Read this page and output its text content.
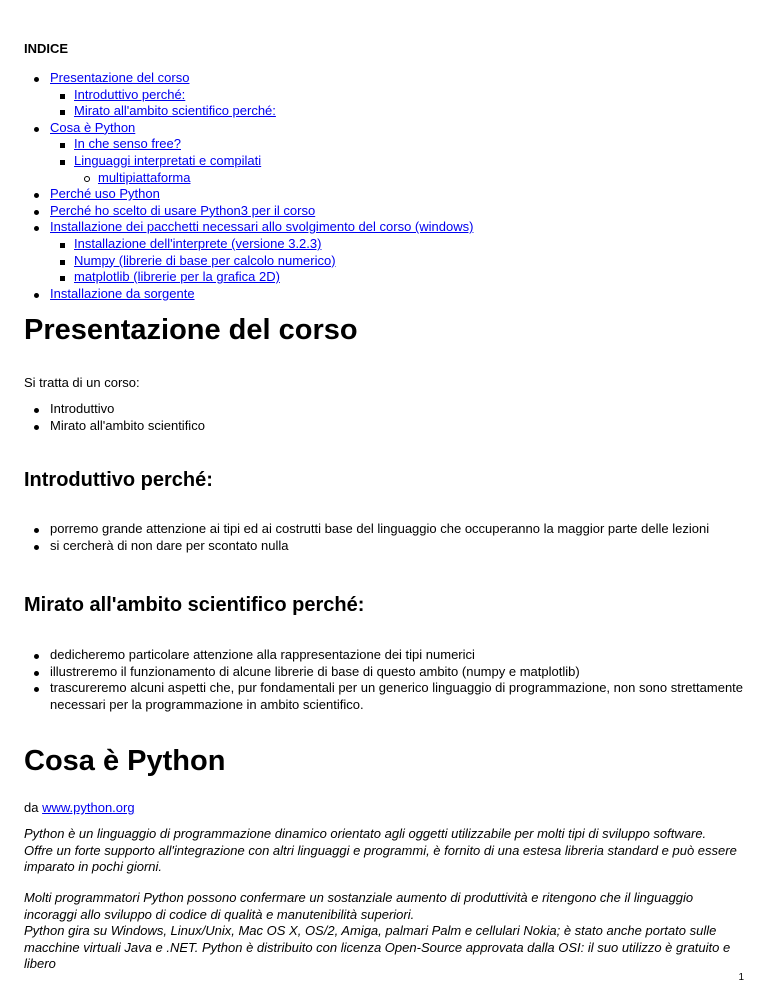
INDICE

Presentazione del corso
Introduttivo perché:
Mirato all'ambito scientifico perché:
Cosa è Python
In che senso free?
Linguaggi interpretati e compilati
multipiattaforma
Perché uso Python
Perché ho scelto di usare Python3 per il corso
Installazione dei pacchetti necessari allo svolgimento del corso (windows)
Installazione dell'interprete (versione 3.2.3)
Numpy (librerie di base per calcolo numerico)
matplotlib (librerie per la grafica 2D)
Installazione da sorgente
Presentazione del corso

Si tratta di un corso:

Introduttivo
Mirato all'ambito scientifico
Introduttivo perché:
porremo grande attenzione ai tipi ed ai costrutti base del linguaggio che occuperanno la maggior parte delle lezioni
si cercherà di non dare per scontato nulla
Mirato all'ambito scientifico perché:
dedicheremo particolare attenzione alla rappresentazione dei tipi numerici
illustreremo il funzionamento di alcune librerie di base di questo ambito (numpy e matplotlib)
trascureremo alcuni aspetti che, pur fondamentali per un generico linguaggio di programmazione, non sono strettamente necessari per la programmazione in ambito scientifico.
Cosa è Python

da www.python.org

Python è un linguaggio di programmazione dinamico orientato agli oggetti utilizzabile per molti tipi di sviluppo software.
Offre un forte supporto all'integrazione con altri linguaggi e programmi, è fornito di una estesa libreria standard e può essere imparato in pochi giorni.
Molti programmatori Python possono confermare un sostanziale aumento di produttività e ritengono che il linguaggio incoraggi allo sviluppo di codice di qualità e manutenibilità superiori.
Python gira su Windows, Linux/Unix, Mac OS X, OS/2, Amiga, palmari Palm e cellulari Nokia; è stato anche portato sulle macchine virtuali Java e .NET. Python è distribuito con licenza Open-Source approvata dalla OSI: il suo utilizzo è gratuito e libero
1
